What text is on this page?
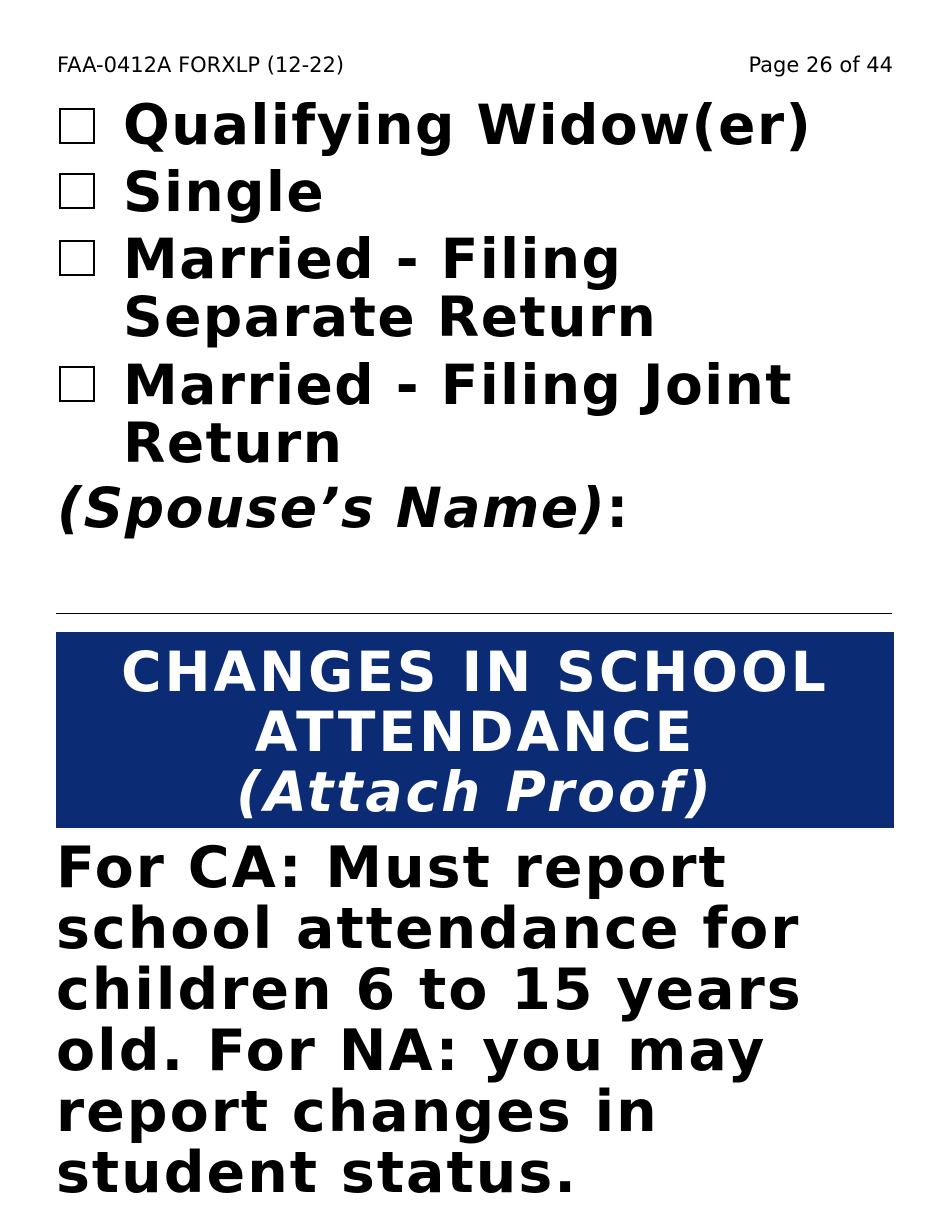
FAA-0412A FORXLP (12-22)	Page 26 of 44
Qualifying Widow(er)
Single
Married - Filing
Separate Return
Married - Filing Joint
Return
(Spouse’s Name):
CHANGES IN SCHOOL
ATTENDANCE
(Attach Proof)
For CA: Must report
school attendance for
children 6 to 15 years
old. For NA: you may
report changes in
student status.
